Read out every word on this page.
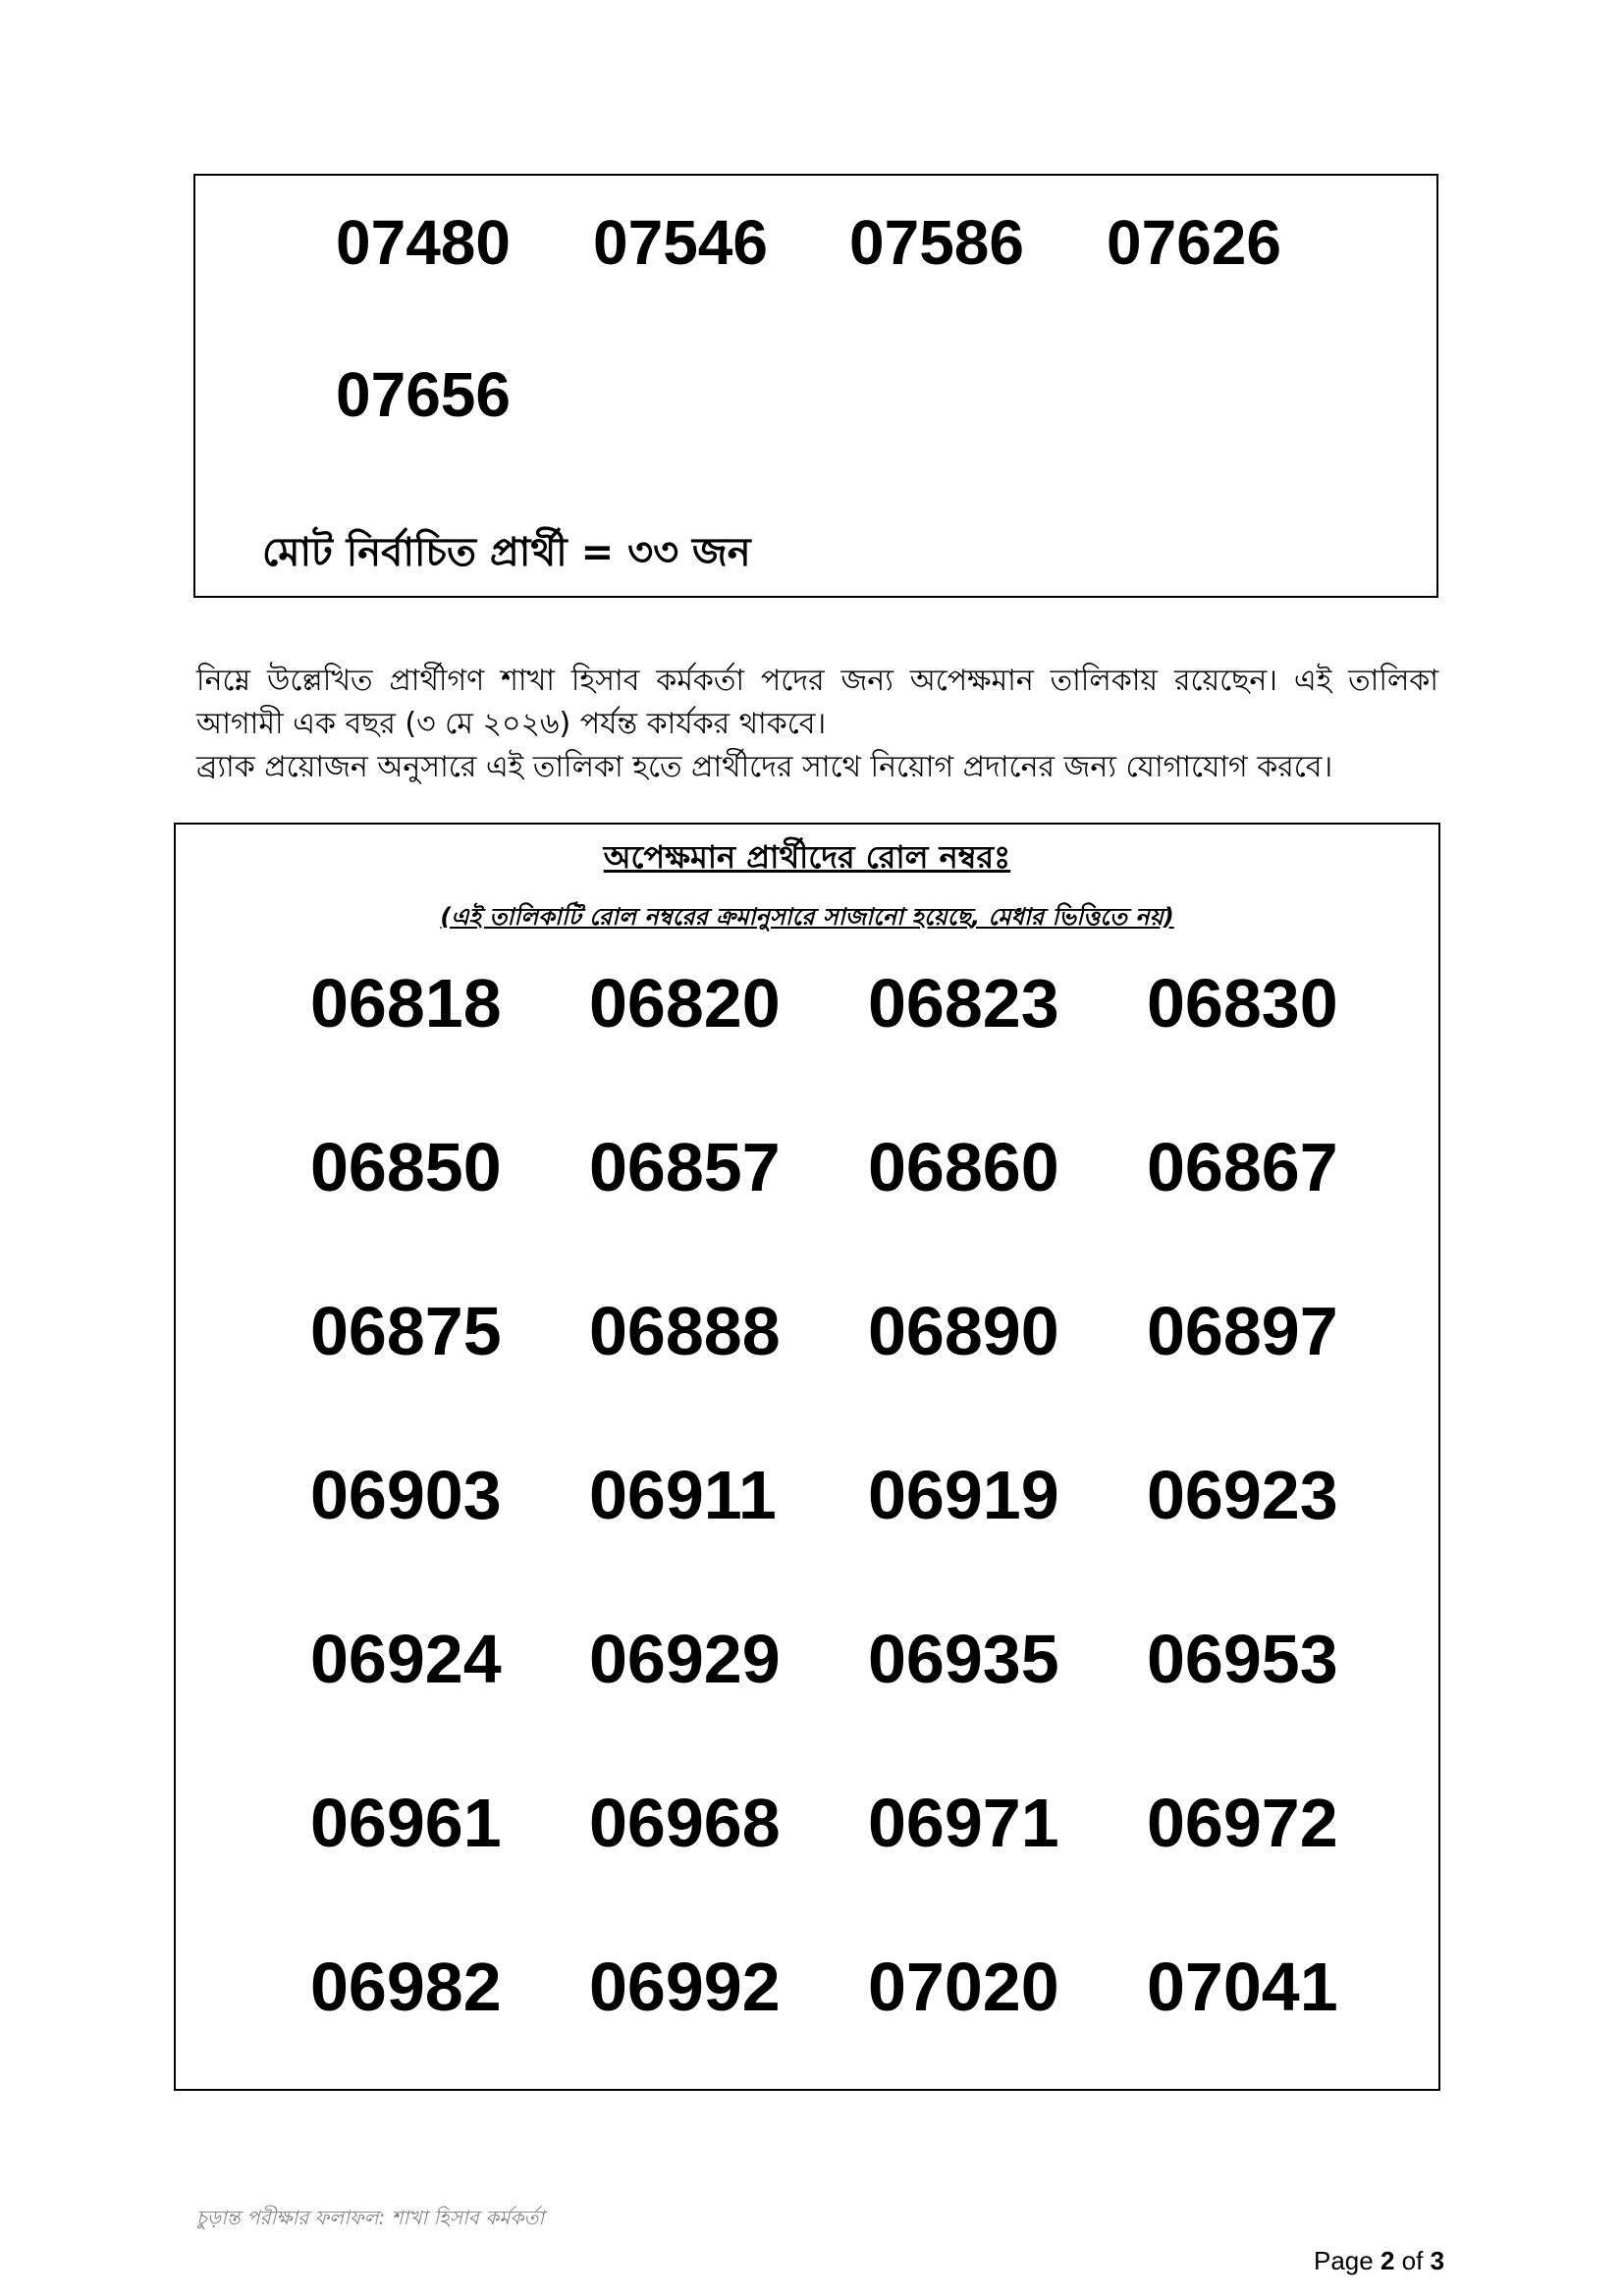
07480 07546 07586 07626
07656
মোট নির্বাচিত প্রার্থী = ৩৩ জন

নিম্নে উল্লেখিত প্রার্থীগণ শাখা হিসাব কর্মকর্তা পদের জন্য অপেক্ষমান তালিকায় রয়েছেন। এই তালিকা আগামী এক বছর (৩ মে ২০২৬) পর্যন্ত কার্যকর থাকবে।

ব্র্যাক প্রয়োজন অনুসারে এই তালিকা হতে প্রার্থীদের সাথে নিয়োগ প্রদানের জন্য যোগাযোগ করবে।

অপেক্ষমান প্রার্থীদের রোল নম্বরঃ
(এই তালিকাটি রোল নম্বরের ক্রমানুসারে সাজানো হয়েছে, মেধার ভিত্তিতে নয়)
06818 06820 06823 06830
06850 06857 06860 06867
06875 06888 06890 06897
06903 06911 06919 06923
06924 06929 06935 06953
06961 06968 06971 06972
06982 06992 07020 07041
চুড়ান্ত পরীক্ষার ফলাফল: শাখা হিসাব কর্মকর্তা
Page 2 of 3
